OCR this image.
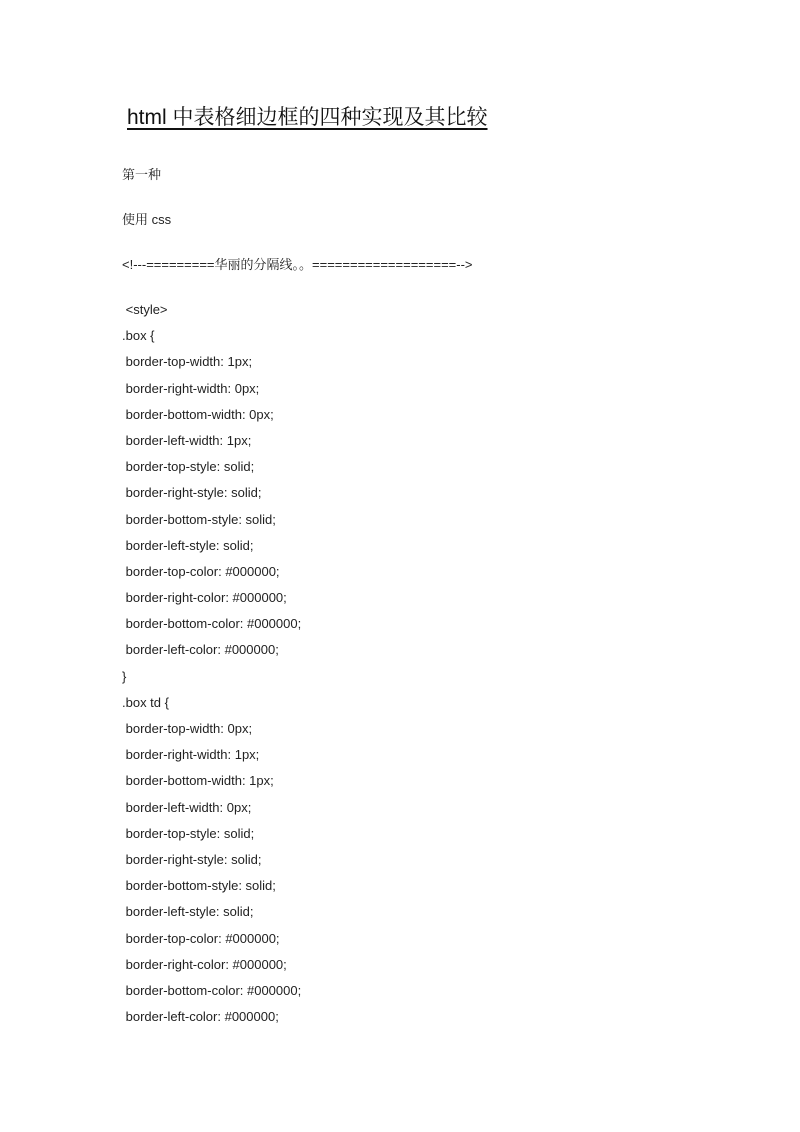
html 中表格细边框的四种实现及其比较
第一种
使用 css
<!---=========华丽的分隔线。。===================-->
<style>
.box {
border-top-width: 1px;
border-right-width: 0px;
border-bottom-width: 0px;
border-left-width: 1px;
border-top-style: solid;
border-right-style: solid;
border-bottom-style: solid;
border-left-style: solid;
border-top-color: #000000;
border-right-color: #000000;
border-bottom-color: #000000;
border-left-color: #000000;
}
.box td {
border-top-width: 0px;
border-right-width: 1px;
border-bottom-width: 1px;
border-left-width: 0px;
border-top-style: solid;
border-right-style: solid;
border-bottom-style: solid;
border-left-style: solid;
border-top-color: #000000;
border-right-color: #000000;
border-bottom-color: #000000;
border-left-color: #000000;
